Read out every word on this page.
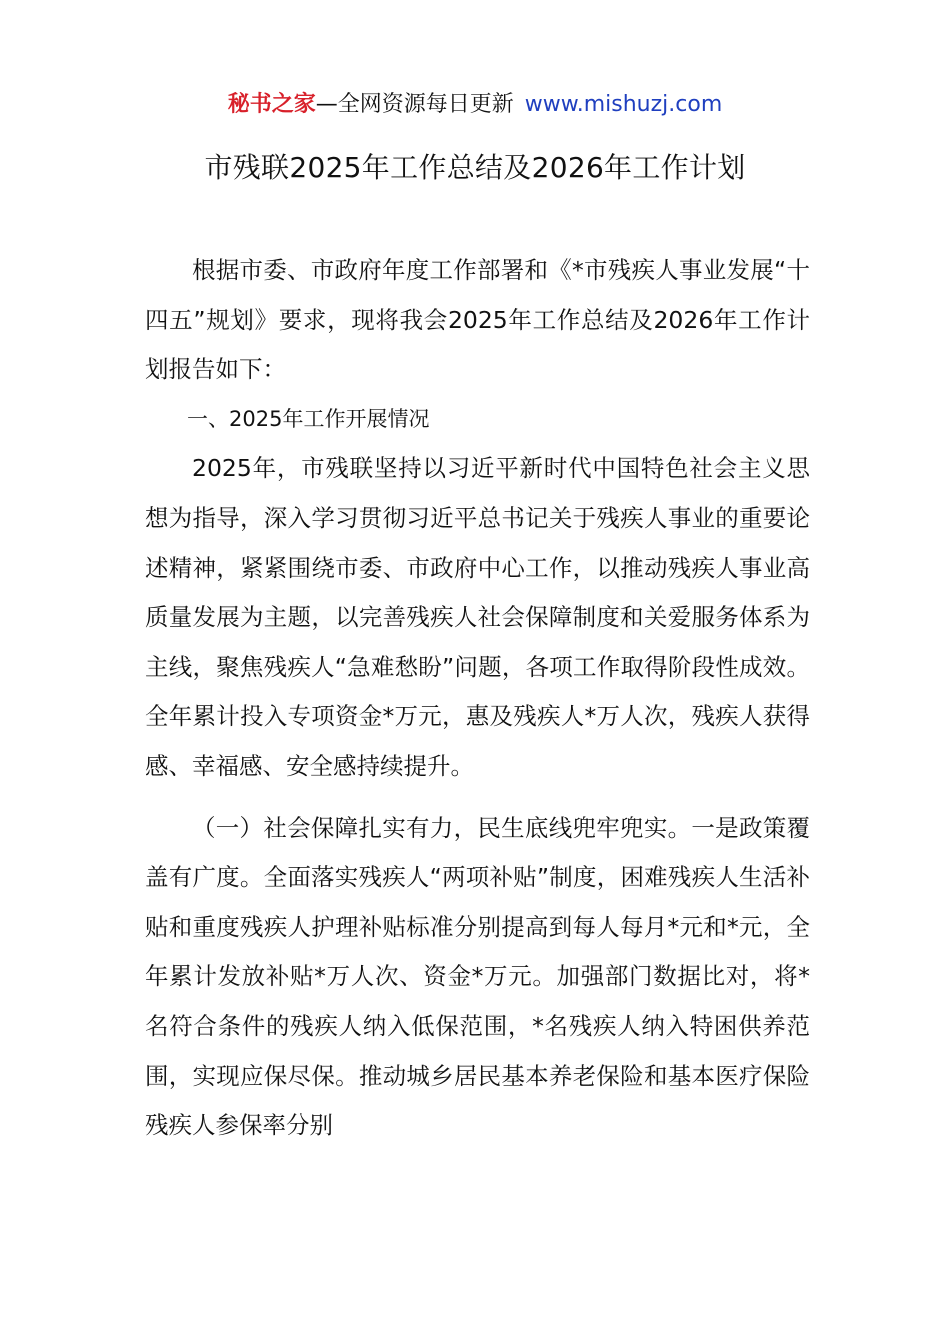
秘书之家—全网资源每日更新 www.mishuzj.com
市残联2025年工作总结及2026年工作计划

根据市委、市政府年度工作部署和《*市残疾人事业发展“十四五”规划》要求，现将我会2025年工作总结及2026年工作计划报告如下：

一、2025年工作开展情况

2025年，市残联坚持以习近平新时代中国特色社会主义思想为指导，深入学习贯彻习近平总书记关于残疾人事业的重要论述精神，紧紧围绕市委、市政府中心工作，以推动残疾人事业高质量发展为主题，以完善残疾人社会保障制度和关爱服务体系为主线，聚焦残疾人“急难愁盼”问题，各项工作取得阶段性成效。全年累计投入专项资金*万元，惠及残疾人*万人次，残疾人获得感、幸福感、安全感持续提升。

（一）社会保障扎实有力，民生底线兜牢兜实。一是政策覆盖有广度。全面落实残疾人“两项补贴”制度，困难残疾人生活补贴和重度残疾人护理补贴标准分别提高到每人每月*元和*元，全年累计发放补贴*万人次、资金*万元。加强部门数据比对，将*名符合条件的残疾人纳入低保范围，*名残疾人纳入特困供养范围，实现应保尽保。推动城乡居民基本养老保险和基本医疗保险残疾人参保率分别
